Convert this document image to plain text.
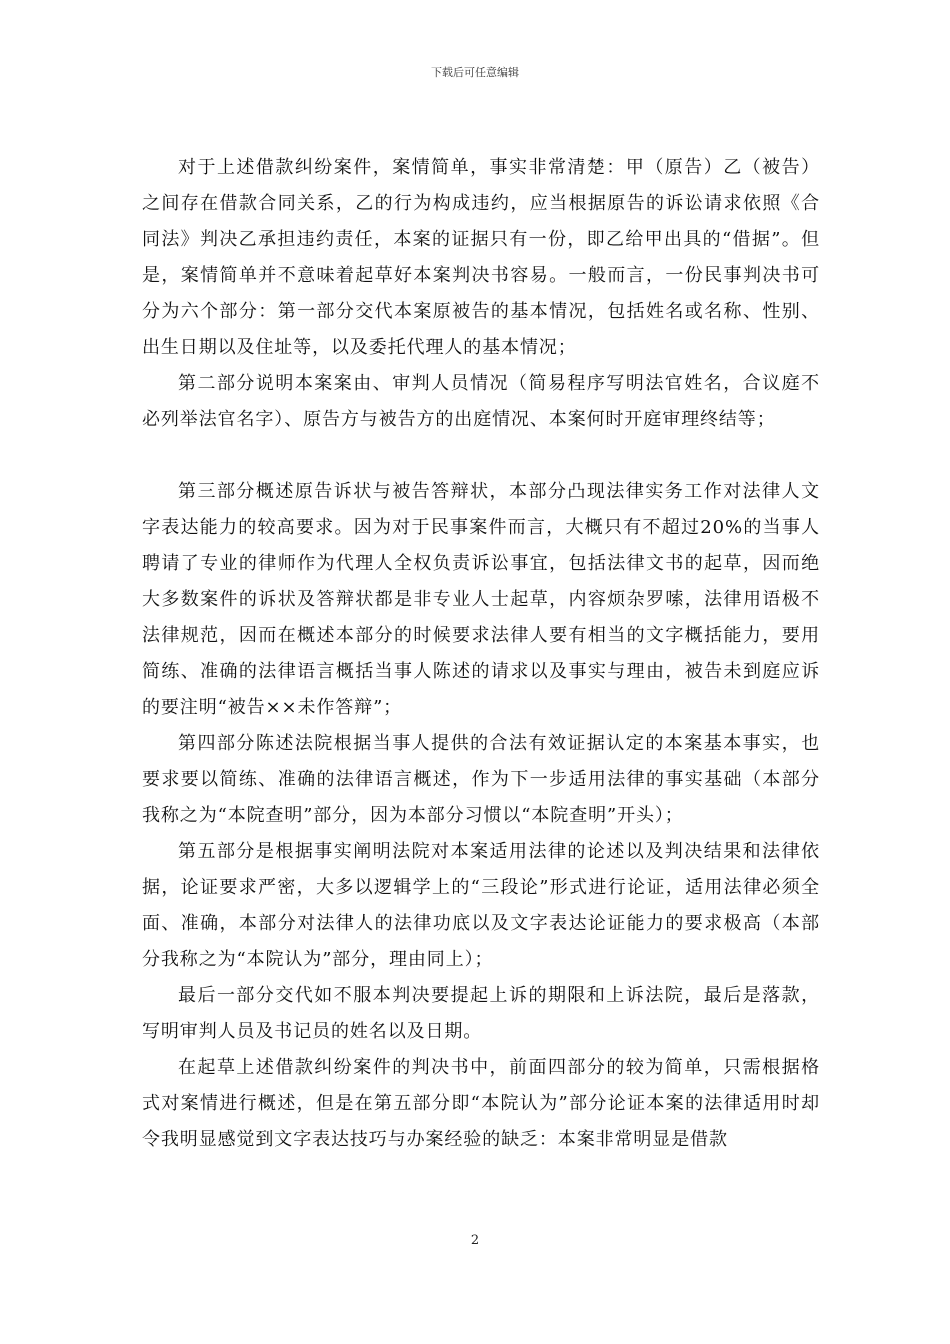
下载后可任意编辑

对于上述借款纠纷案件，案情简单，事实非常清楚：甲（原告）乙（被告）之间存在借款合同关系，乙的行为构成违约，应当根据原告的诉讼请求依照《合同法》判决乙承担违约责任，本案的证据只有一份，即乙给甲出具的“借据”。但是，案情简单并不意味着起草好本案判决书容易。一般而言，一份民事判决书可分为六个部分：第一部分交代本案原被告的基本情况，包括姓名或名称、性别、出生日期以及住址等，以及委托代理人的基本情况；

第二部分说明本案案由、审判人员情况（简易程序写明法官姓名，合议庭不必列举法官名字）、原告方与被告方的出庭情况、本案何时开庭审理终结等；

第三部分概述原告诉状与被告答辩状，本部分凸现法律实务工作对法律人文字表达能力的较高要求。因为对于民事案件而言，大概只有不超过20%的当事人聘请了专业的律师作为代理人全权负责诉讼事宜，包括法律文书的起草，因而绝大多数案件的诉状及答辩状都是非专业人士起草，内容烦杂罗嗦，法律用语极不法律规范，因而在概述本部分的时候要求法律人要有相当的文字概括能力，要用简练、准确的法律语言概括当事人陈述的请求以及事实与理由，被告未到庭应诉的要注明“被告××未作答辩”；

第四部分陈述法院根据当事人提供的合法有效证据认定的本案基本事实，也要求要以简练、准确的法律语言概述，作为下一步适用法律的事实基础（本部分我称之为“本院查明”部分，因为本部分习惯以“本院查明”开头）；

第五部分是根据事实阐明法院对本案适用法律的论述以及判决结果和法律依据，论证要求严密，大多以逻辑学上的“三段论”形式进行论证，适用法律必须全面、准确，本部分对法律人的法律功底以及文字表达论证能力的要求极高（本部分我称之为“本院认为”部分，理由同上）；

最后一部分交代如不服本判决要提起上诉的期限和上诉法院，最后是落款，写明审判人员及书记员的姓名以及日期。

在起草上述借款纠纷案件的判决书中，前面四部分的较为简单，只需根据格式对案情进行概述，但是在第五部分即“本院认为”部分论证本案的法律适用时却令我明显感觉到文字表达技巧与办案经验的缺乏：本案非常明显是借款

2
